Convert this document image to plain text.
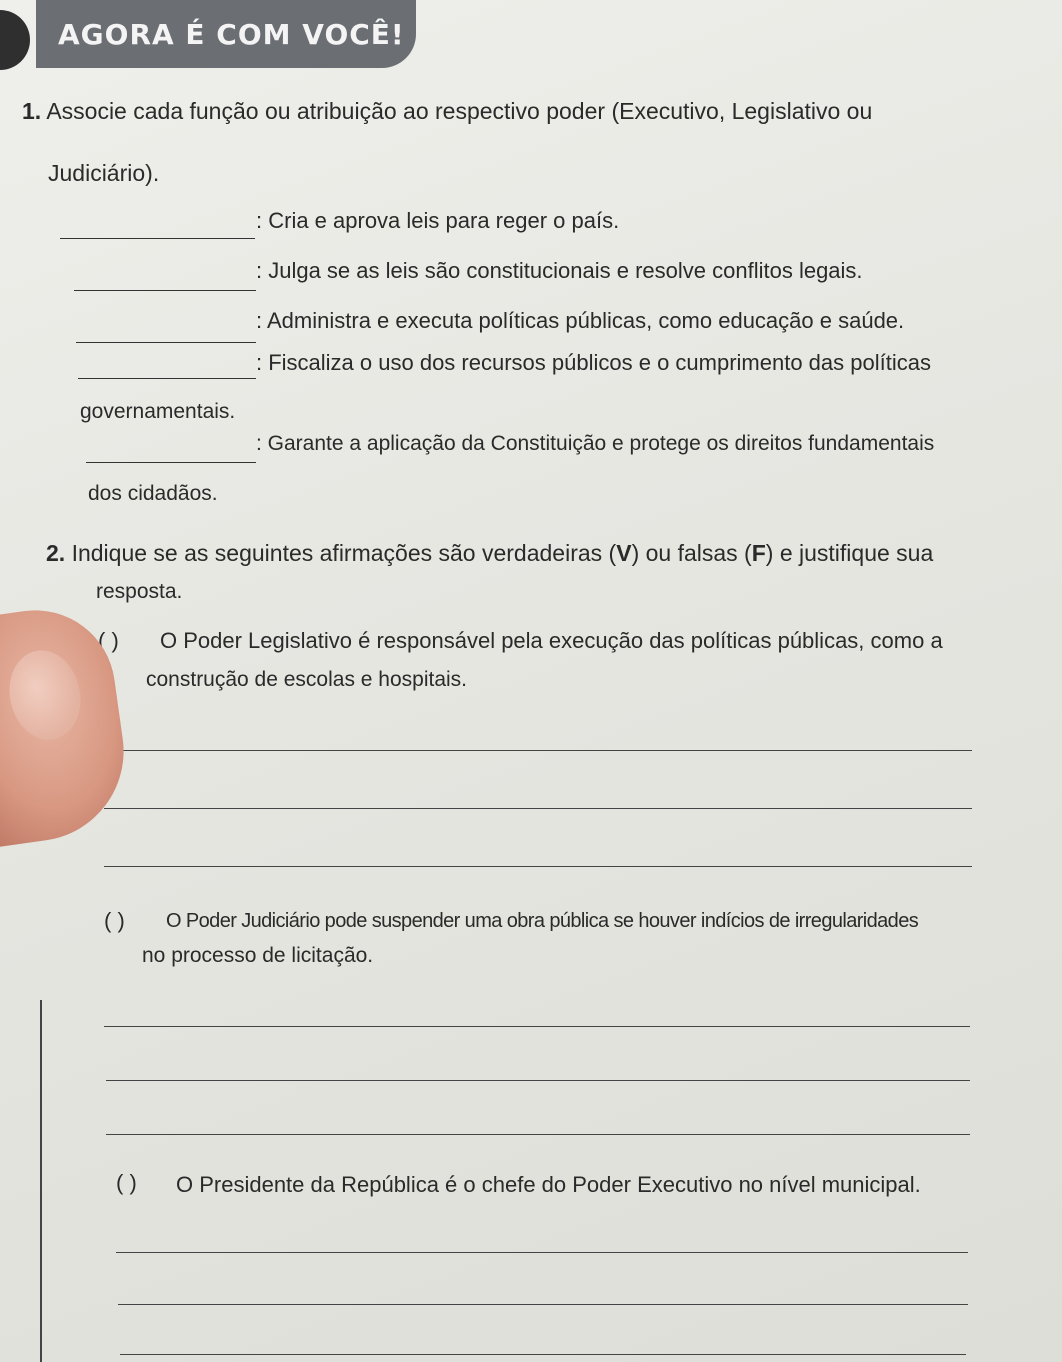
AGORA É COM VOCÊ!
1. Associe cada função ou atribuição ao respectivo poder (Executivo, Legislativo ou
Judiciário).
: Cria e aprova leis para reger o país.
: Julga se as leis são constitucionais e resolve conflitos legais.
: Administra e executa políticas públicas, como educação e saúde.
: Fiscaliza o uso dos recursos públicos e o cumprimento das políticas
governamentais.
: Garante a aplicação da Constituição e protege os direitos fundamentais
dos cidadãos.
2. Indique se as seguintes afirmações são verdadeiras (V) ou falsas (F) e justifique sua
resposta.
( ) O Poder Legislativo é responsável pela execução das políticas públicas, como a
construção de escolas e hospitais.
( ) O Poder Judiciário pode suspender uma obra pública se houver indícios de irregularidades
no processo de licitação.
( ) O Presidente da República é o chefe do Poder Executivo no nível municipal.
